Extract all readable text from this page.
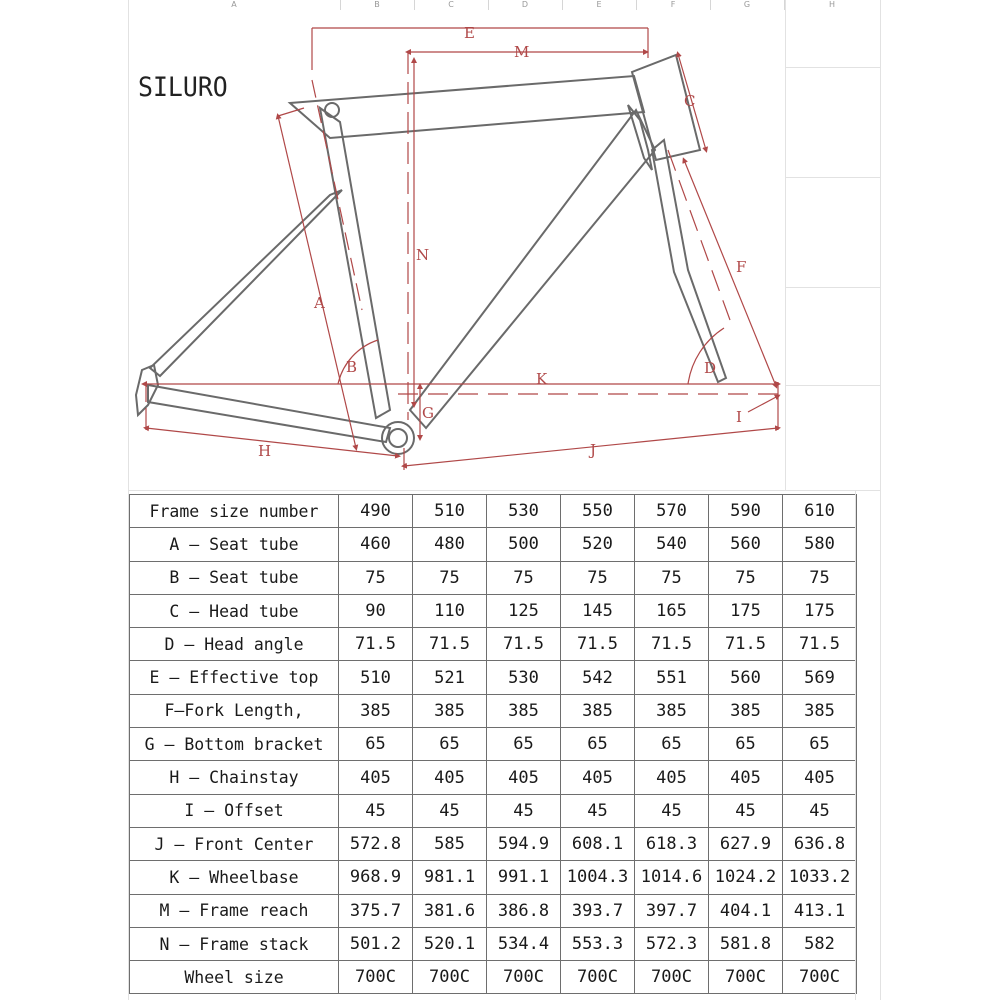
A	B	C	D	E	F	G	H
SILURO
E
M
N
A
B
C
D
F
G
H
I
J
K
Frame size number	490	510	530	550	570	590	610
A — Seat tube	460	480	500	520	540	560	580
B — Seat tube	75	75	75	75	75	75	75
C — Head tube	90	110	125	145	165	175	175
D — Head angle	71.5	71.5	71.5	71.5	71.5	71.5	71.5
E — Effective top	510	521	530	542	551	560	569
F—Fork Length,	385	385	385	385	385	385	385
G — Bottom bracket	65	65	65	65	65	65	65
H — Chainstay	405	405	405	405	405	405	405
I — Offset	45	45	45	45	45	45	45
J — Front Center	572.8	585	594.9	608.1	618.3	627.9	636.8
K — Wheelbase	968.9	981.1	991.1	1004.3	1014.6	1024.2	1033.2
M — Frame reach	375.7	381.6	386.8	393.7	397.7	404.1	413.1
N — Frame stack	501.2	520.1	534.4	553.3	572.3	581.8	582
Wheel size	700C	700C	700C	700C	700C	700C	700C
